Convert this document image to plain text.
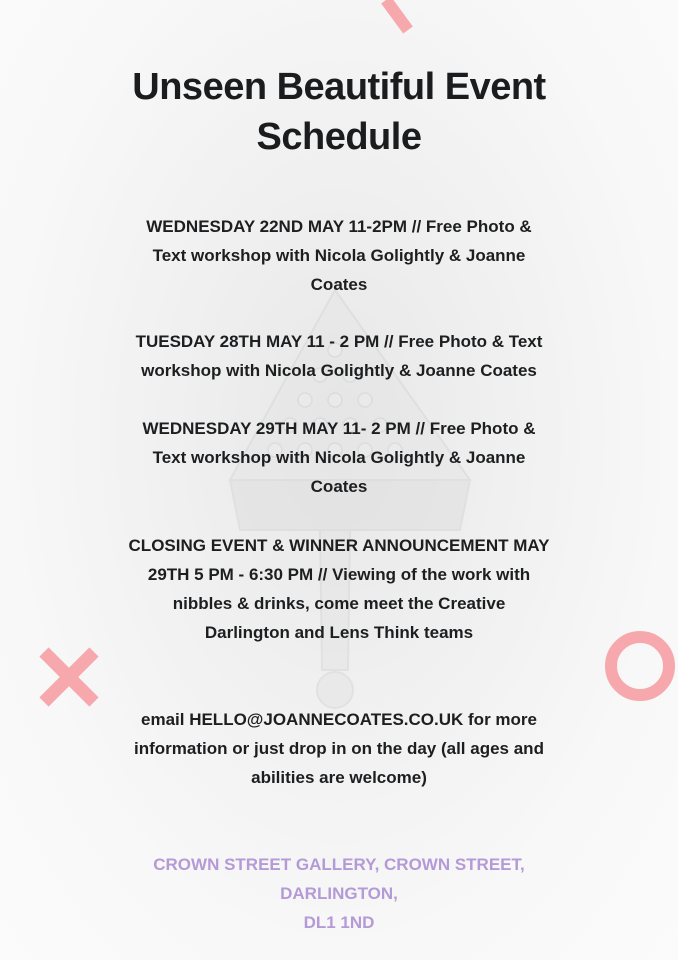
Unseen Beautiful Event
Schedule
WEDNESDAY 22ND MAY 11-2PM // Free Photo &
Text workshop with Nicola Golightly & Joanne
Coates
TUESDAY 28TH MAY 11 - 2 PM // Free Photo & Text
workshop with Nicola Golightly & Joanne Coates
WEDNESDAY 29TH MAY 11- 2 PM // Free Photo &
Text workshop with Nicola Golightly & Joanne
Coates
CLOSING EVENT & WINNER ANNOUNCEMENT MAY
29TH 5 PM - 6:30 PM // Viewing of the work with
nibbles & drinks, come meet the Creative
Darlington and Lens Think teams
email HELLO@JOANNECOATES.CO.UK for more
information or just drop in on the day (all ages and
abilities are welcome)
CROWN STREET GALLERY, CROWN STREET,
DARLINGTON,
DL1 1ND
